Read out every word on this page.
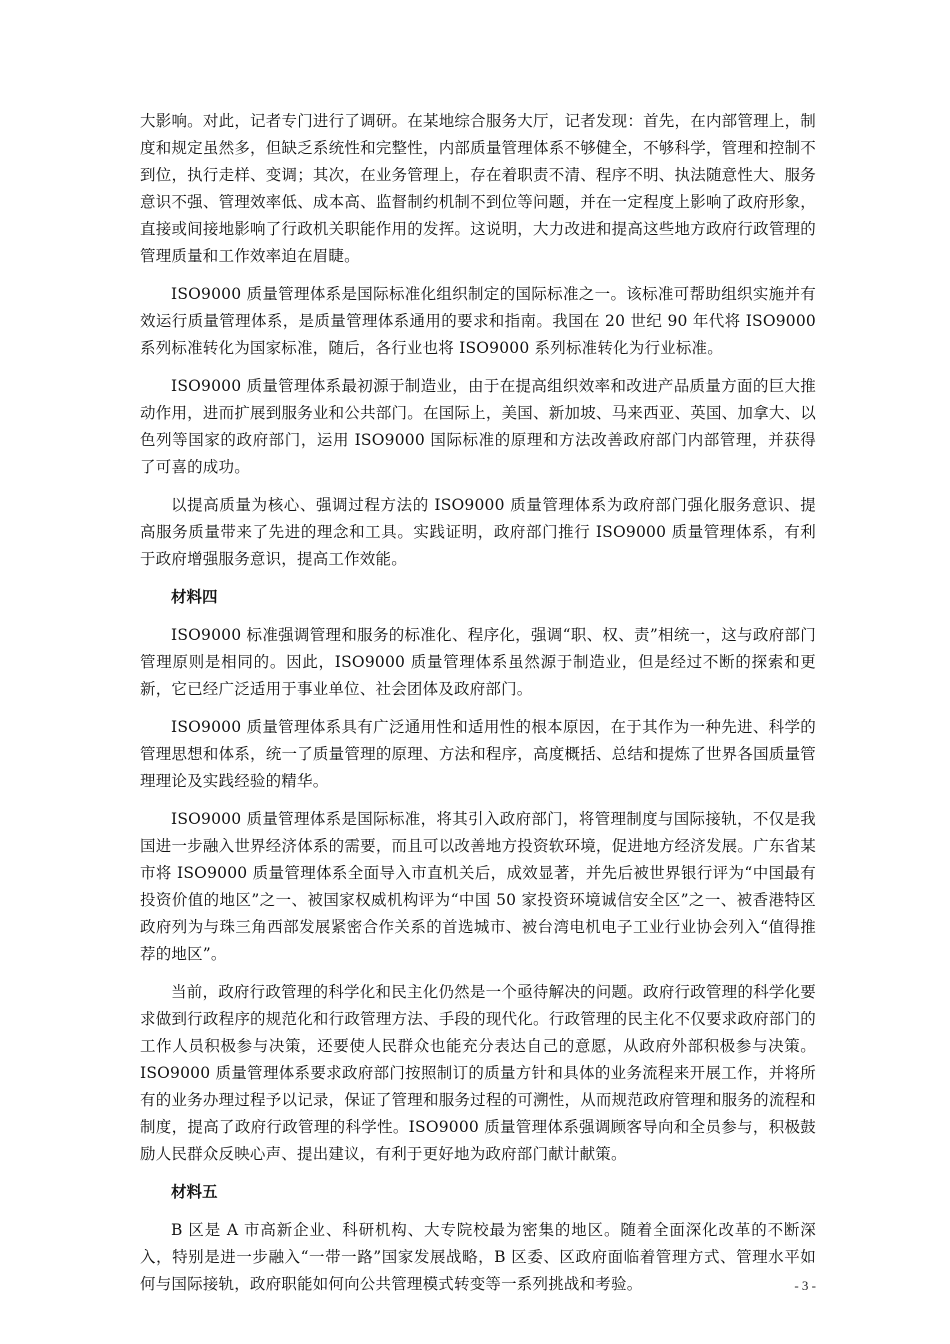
大影响。对此，记者专门进行了调研。在某地综合服务大厅，记者发现：首先，在内部管理上，制度和规定虽然多，但缺乏系统性和完整性，内部质量管理体系不够健全，不够科学，管理和控制不到位，执行走样、变调；其次，在业务管理上，存在着职责不清、程序不明、执法随意性大、服务意识不强、管理效率低、成本高、监督制约机制不到位等问题，并在一定程度上影响了政府形象，直接或间接地影响了行政机关职能作用的发挥。这说明，大力改进和提高这些地方政府行政管理的管理质量和工作效率迫在眉睫。

ISO9000 质量管理体系是国际标准化组织制定的国际标准之一。该标准可帮助组织实施并有效运行质量管理体系，是质量管理体系通用的要求和指南。我国在 20 世纪 90 年代将 ISO9000 系列标准转化为国家标准，随后，各行业也将 ISO9000 系列标准转化为行业标准。

ISO9000 质量管理体系最初源于制造业，由于在提高组织效率和改进产品质量方面的巨大推动作用，进而扩展到服务业和公共部门。在国际上，美国、新加坡、马来西亚、英国、加拿大、以色列等国家的政府部门，运用 ISO9000 国际标准的原理和方法改善政府部门内部管理，并获得了可喜的成功。

以提高质量为核心、强调过程方法的 ISO9000 质量管理体系为政府部门强化服务意识、提高服务质量带来了先进的理念和工具。实践证明，政府部门推行 ISO9000 质量管理体系，有利于政府增强服务意识，提高工作效能。

材料四

ISO9000 标准强调管理和服务的标准化、程序化，强调“职、权、责”相统一，这与政府部门管理原则是相同的。因此，ISO9000 质量管理体系虽然源于制造业，但是经过不断的探索和更新，它已经广泛适用于事业单位、社会团体及政府部门。

ISO9000 质量管理体系具有广泛通用性和适用性的根本原因，在于其作为一种先进、科学的管理思想和体系，统一了质量管理的原理、方法和程序，高度概括、总结和提炼了世界各国质量管理理论及实践经验的精华。

ISO9000 质量管理体系是国际标准，将其引入政府部门，将管理制度与国际接轨，不仅是我国进一步融入世界经济体系的需要，而且可以改善地方投资软环境，促进地方经济发展。广东省某市将 ISO9000 质量管理体系全面导入市直机关后，成效显著，并先后被世界银行评为“中国最有投资价值的地区”之一、被国家权威机构评为“中国 50 家投资环境诚信安全区”之一、被香港特区政府列为与珠三角西部发展紧密合作关系的首选城市、被台湾电机电子工业行业协会列入“值得推荐的地区”。

当前，政府行政管理的科学化和民主化仍然是一个亟待解决的问题。政府行政管理的科学化要求做到行政程序的规范化和行政管理方法、手段的现代化。行政管理的民主化不仅要求政府部门的工作人员积极参与决策，还要使人民群众也能充分表达自己的意愿，从政府外部积极参与决策。ISO9000 质量管理体系要求政府部门按照制订的质量方针和具体的业务流程来开展工作，并将所有的业务办理过程予以记录，保证了管理和服务过程的可溯性，从而规范政府管理和服务的流程和制度，提高了政府行政管理的科学性。ISO9000 质量管理体系强调顾客导向和全员参与，积极鼓励人民群众反映心声、提出建议，有利于更好地为政府部门献计献策。

材料五

B 区是 A 市高新企业、科研机构、大专院校最为密集的地区。随着全面深化改革的不断深入，特别是进一步融入“一带一路”国家发展战略，B 区委、区政府面临着管理方式、管理水平如何与国际接轨，政府职能如何向公共管理模式转变等一系列挑战和考验。	- 3 -
